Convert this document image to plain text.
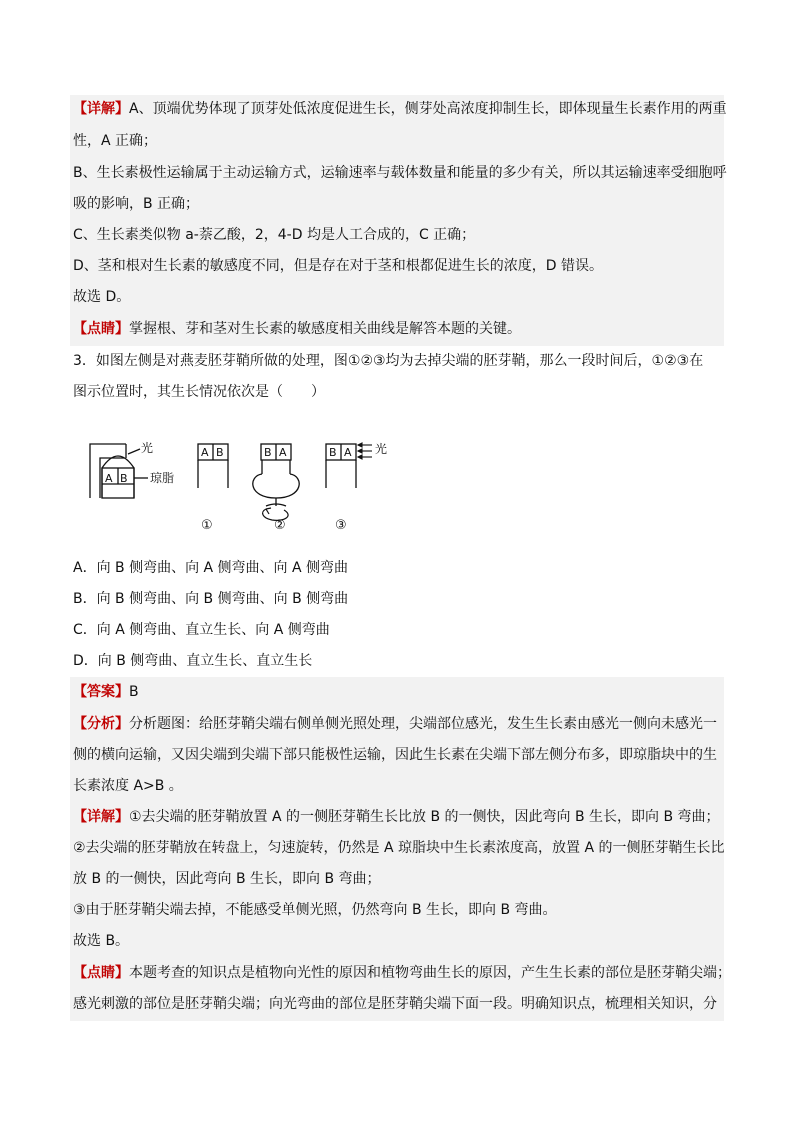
【详解】A、顶端优势体现了顶芽处低浓度促进生长，侧芽处高浓度抑制生长，即体现量生长素作用的两重
性，A 正确；
B、生长素极性运输属于主动运输方式，运输速率与载体数量和能量的多少有关，所以其运输速率受细胞呼
吸的影响，B 正确；
C、生长素类似物 a-萘乙酸，2，4-D 均是人工合成的，C 正确；
D、茎和根对生长素的敏感度不同，但是存在对于茎和根都促进生长的浓度，D 错误。
故选 D。
【点睛】掌握根、芽和茎对生长素的敏感度相关曲线是解答本题的关键。
3．如图左侧是对燕麦胚芽鞘所做的处理，图①②③均为去掉尖端的胚芽鞘，那么一段时间后，①②③在
图示位置时，其生长情况依次是（　　）
光
琼脂
A B
A B	B A	光
B A
①	②	③
A．向 B 侧弯曲、向 A 侧弯曲、向 A 侧弯曲
B．向 B 侧弯曲、向 B 侧弯曲、向 B 侧弯曲
C．向 A 侧弯曲、直立生长、向 A 侧弯曲
D．向 B 侧弯曲、直立生长、直立生长
【答案】B
【分析】分析题图：给胚芽鞘尖端右侧单侧光照处理，尖端部位感光，发生生长素由感光一侧向未感光一
侧的横向运输，又因尖端到尖端下部只能极性运输，因此生长素在尖端下部左侧分布多，即琼脂块中的生
长素浓度 A>B 。
【详解】①去尖端的胚芽鞘放置 A 的一侧胚芽鞘生长比放 B 的一侧快，因此弯向 B 生长，即向 B 弯曲；
②去尖端的胚芽鞘放在转盘上，匀速旋转，仍然是 A 琼脂块中生长素浓度高，放置 A 的一侧胚芽鞘生长比
放 B 的一侧快，因此弯向 B 生长，即向 B 弯曲；
③由于胚芽鞘尖端去掉，不能感受单侧光照，仍然弯向 B 生长，即向 B 弯曲。
故选 B。
【点睛】本题考查的知识点是植物向光性的原因和植物弯曲生长的原因，产生生长素的部位是胚芽鞘尖端；
感光刺激的部位是胚芽鞘尖端；向光弯曲的部位是胚芽鞘尖端下面一段。明确知识点，梳理相关知识，分
